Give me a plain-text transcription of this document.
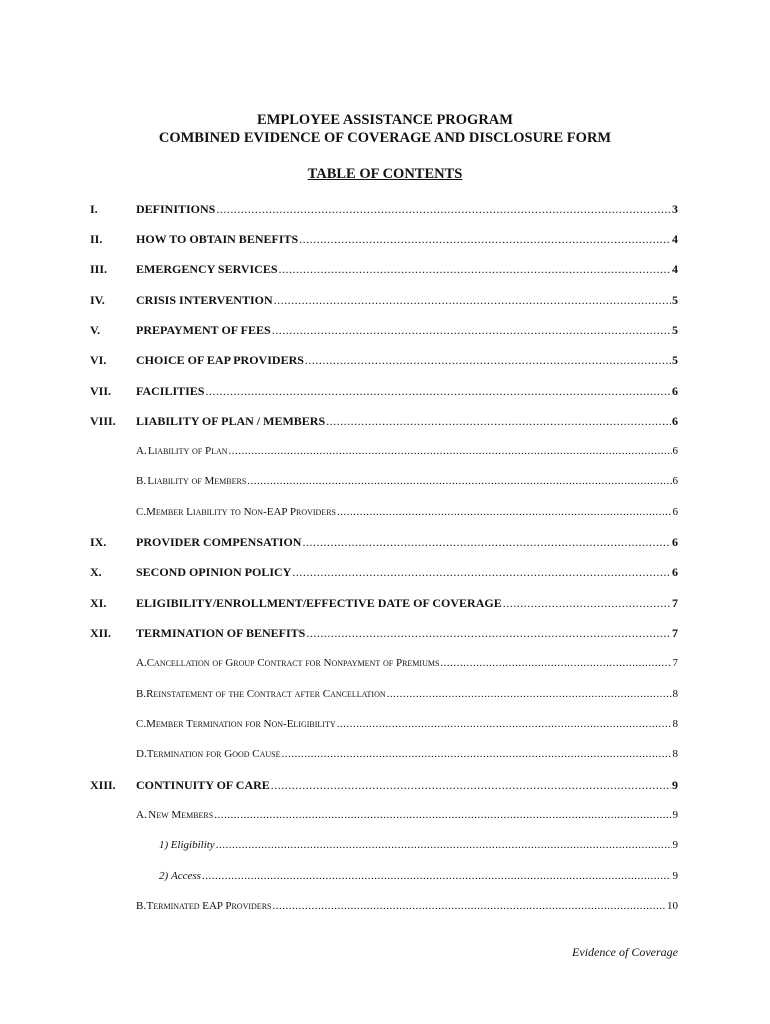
EMPLOYEE ASSISTANCE PROGRAM
COMBINED EVIDENCE OF COVERAGE AND DISCLOSURE FORM
TABLE OF CONTENTS
I.	DEFINITIONS .....	3
II.	HOW TO OBTAIN BENEFITS .....	4
III. EMERGENCY SERVICES .....	4
IV.	CRISIS INTERVENTION .....	5
V.	PREPAYMENT OF FEES .....	5
VI. CHOICE OF EAP PROVIDERS .....	5
VII. FACILITIES .....	6
VIII. LIABILITY OF PLAN / MEMBERS .....	6
A. Liability of Plan .....	6
B. Liability of Members .....	6
C. Member Liability to Non-EAP Providers .....	6
IX. PROVIDER COMPENSATION .....	6
X.	SECOND OPINION POLICY .....	6
XI. ELIGIBILITY/ENROLLMENT/EFFECTIVE DATE OF COVERAGE .....	7
XII. TERMINATION OF BENEFITS .....	7
A. Cancellation of Group Contract for Nonpayment of Premiums .....	7
B. Reinstatement of the Contract after Cancellation .....	8
C. Member Termination for Non-Eligibility .....	8
D. Termination for Good Cause .....	8
XIII. CONTINUITY OF CARE .....	9
A. New Members .....	9
1) Eligibility .....	9
2) Access .....	9
B. Terminated EAP Providers .....	10
Evidence of Coverage
